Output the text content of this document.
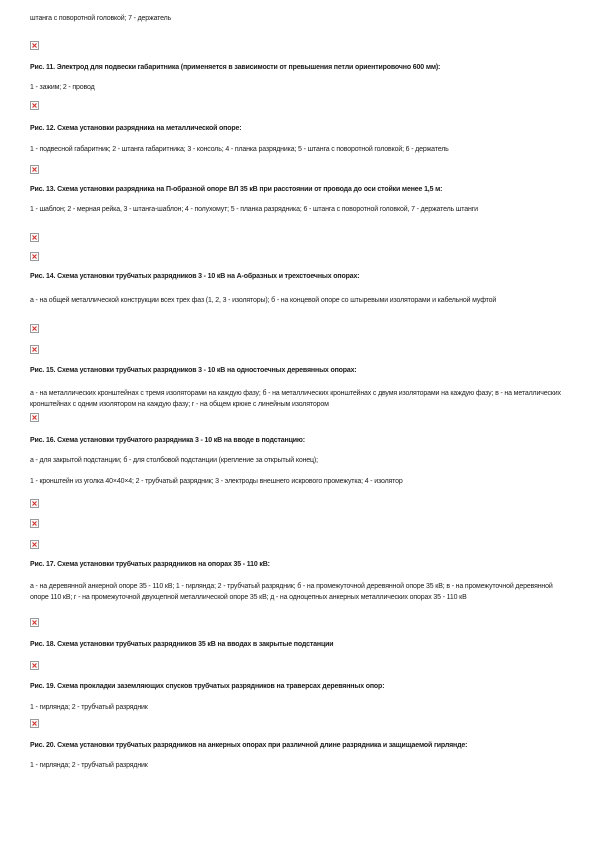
штанга с поворотной головкой; 7 - держатель
Рис. 11. Электрод для подвески габаритника (применяется в зависимости от превышения петли ориентировочно 600 мм):
1 - зажим; 2 - провод
Рис. 12. Схема установки разрядника на металлической опоре:
1 - подвесной габаритник; 2 - штанга габаритника; 3 - консоль; 4 - планка разрядника; 5 - штанга с поворотной головкой; 6 - держатель
Рис. 13. Схема установки разрядника на П-образной опоре ВЛ 35 кВ при расстоянии от провода до оси стойки менее 1,5 м:
1 - шаблон; 2 - мерная рейка, 3 - штанга-шаблон; 4 - полухомут; 5 - планка разрядника; 6 - штанга с поворотной головкой, 7 - держатель штанги
Рис. 14. Схема установки трубчатых разрядников 3 - 10 кВ на А-образных и трехстоечных опорах:
а - на общей металлической конструкции всех трех фаз (1, 2, 3 - изоляторы); б - на концевой опоре со штыревыми изоляторами и кабельной муфтой
Рис. 15. Схема установки трубчатых разрядников 3 - 10 кВ на одностоечных деревянных опорах:
а - на металлических кронштейнах с тремя изоляторами на каждую фазу; б - на металлических кронштейнах с двумя изоляторами на каждую фазу; в - на металлических кронштейнах с одним изолятором на каждую фазу; г - на общем крюке с линейным изолятором
Рис. 16. Схема установки трубчатого разрядника 3 - 10 кВ на вводе в подстанцию:
а - для закрытой подстанции; б - для столбовой подстанции (крепление за открытый конец);
1 - кронштейн из уголка 40×40×4; 2 - трубчатый разрядник; 3 - электроды внешнего искрового промежутка; 4 - изолятор
Рис. 17. Схема установки трубчатых разрядников на опорах 35 - 110 кВ:
а - на деревянной анкерной опоре 35 - 110 кВ; 1 - гирлянда; 2 - трубчатый разрядник; б - на промежуточной деревянной опоре 35 кВ; в - на промежуточной деревянной опоре 110 кВ; г - на промежуточной двухцепной металлической опоре 35 кВ; д - на одноцепных анкерных металлических опорах 35 - 110 кВ
Рис. 18. Схема установки трубчатых разрядников 35 кВ на вводах в закрытые подстанции
Рис. 19. Схема прокладки заземляющих спусков трубчатых разрядников на траверсах деревянных опор:
1 - гирлянда; 2 - трубчатый разрядник
Рис. 20. Схема установки трубчатых разрядников на анкерных опорах при различной длине разрядника и защищаемой гирлянде:
1 - гирлянда; 2 - трубчатый разрядник
